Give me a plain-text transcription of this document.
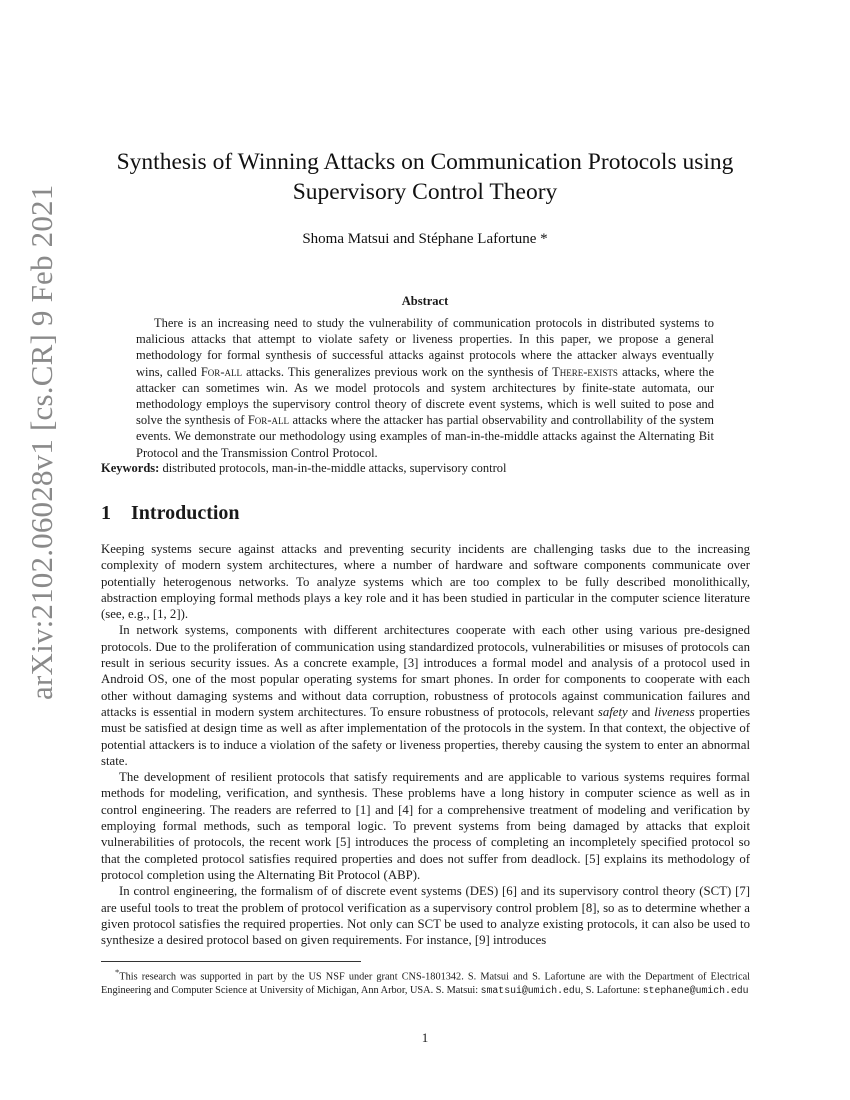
arXiv:2102.06028v1 [cs.CR] 9 Feb 2021
Synthesis of Winning Attacks on Communication Protocols using Supervisory Control Theory
Shoma Matsui and Stéphane Lafortune *
Abstract
There is an increasing need to study the vulnerability of communication protocols in distributed systems to malicious attacks that attempt to violate safety or liveness properties. In this paper, we propose a general methodology for formal synthesis of successful attacks against protocols where the attacker always eventually wins, called For-all attacks. This generalizes previous work on the synthesis of There-exists attacks, where the attacker can sometimes win. As we model protocols and system architectures by finite-state automata, our methodology employs the supervisory control theory of discrete event systems, which is well suited to pose and solve the synthesis of For-all attacks where the attacker has partial observability and controllability of the system events. We demonstrate our methodology using examples of man-in-the-middle attacks against the Alternating Bit Protocol and the Transmission Control Protocol.
Keywords: distributed protocols, man-in-the-middle attacks, supervisory control
1 Introduction

Keeping systems secure against attacks and preventing security incidents are challenging tasks due to the increasing complexity of modern system architectures, where a number of hardware and software components communicate over potentially heterogenous networks. To analyze systems which are too complex to be fully described monolithically, abstraction employing formal methods plays a key role and it has been studied in particular in the computer science literature (see, e.g., [1, 2]).

In network systems, components with different architectures cooperate with each other using various pre-designed protocols. Due to the proliferation of communication using standardized protocols, vulnerabilities or misuses of protocols can result in serious security issues. As a concrete example, [3] introduces a formal model and analysis of a protocol used in Android OS, one of the most popular operating systems for smart phones. In order for components to cooperate with each other without damaging systems and without data corruption, robustness of protocols against communication failures and attacks is essential in modern system architectures. To ensure robustness of protocols, relevant safety and liveness properties must be satisfied at design time as well as after implementation of the protocols in the system. In that context, the objective of potential attackers is to induce a violation of the safety or liveness properties, thereby causing the system to enter an abnormal state.

The development of resilient protocols that satisfy requirements and are applicable to various systems requires formal methods for modeling, verification, and synthesis. These problems have a long history in computer science as well as in control engineering. The readers are referred to [1] and [4] for a comprehensive treatment of modeling and verification by employing formal methods, such as temporal logic. To prevent systems from being damaged by attacks that exploit vulnerabilities of protocols, the recent work [5] introduces the process of completing an incompletely specified protocol so that the completed protocol satisfies required properties and does not suffer from deadlock. [5] explains its methodology of protocol completion using the Alternating Bit Protocol (ABP).

In control engineering, the formalism of of discrete event systems (DES) [6] and its supervisory control theory (SCT) [7] are useful tools to treat the problem of protocol verification as a supervisory control problem [8], so as to determine whether a given protocol satisfies the required properties. Not only can SCT be used to analyze existing protocols, it can also be used to synthesize a desired protocol based on given requirements. For instance, [9] introduces

*This research was supported in part by the US NSF under grant CNS-1801342. S. Matsui and S. Lafortune are with the Department of Electrical Engineering and Computer Science at University of Michigan, Ann Arbor, USA. S. Matsui: smatsui@umich.edu, S. Lafortune: stephane@umich.edu
1
